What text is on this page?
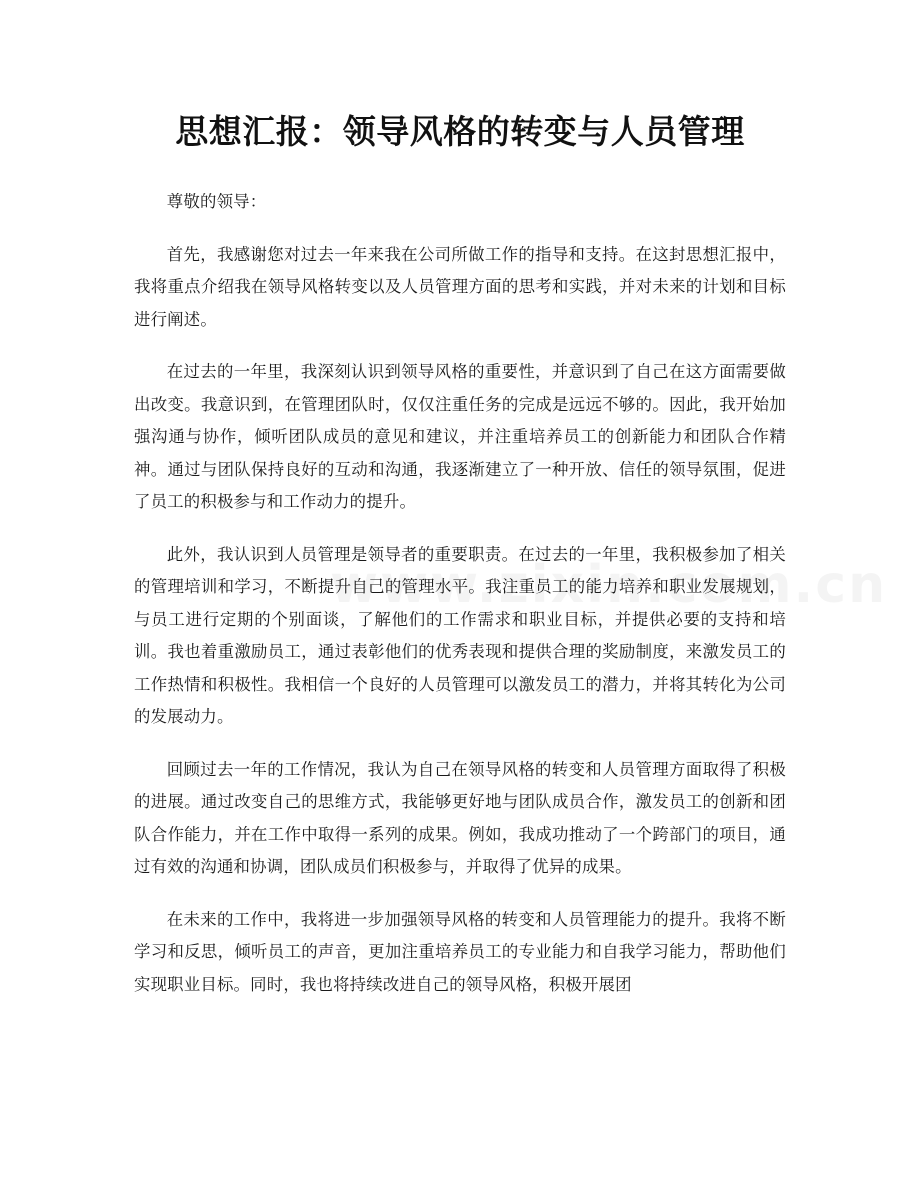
思想汇报：领导风格的转变与人员管理

尊敬的领导：

首先，我感谢您对过去一年来我在公司所做工作的指导和支持。在这封思想汇报中，我将重点介绍我在领导风格转变以及人员管理方面的思考和实践，并对未来的计划和目标进行阐述。

在过去的一年里，我深刻认识到领导风格的重要性，并意识到了自己在这方面需要做出改变。我意识到，在管理团队时，仅仅注重任务的完成是远远不够的。因此，我开始加强沟通与协作，倾听团队成员的意见和建议，并注重培养员工的创新能力和团队合作精神。通过与团队保持良好的互动和沟通，我逐渐建立了一种开放、信任的领导氛围，促进了员工的积极参与和工作动力的提升。

此外，我认识到人员管理是领导者的重要职责。在过去的一年里，我积极参加了相关的管理培训和学习，不断提升自己的管理水平。我注重员工的能力培养和职业发展规划，与员工进行定期的个别面谈，了解他们的工作需求和职业目标，并提供必要的支持和培训。我也着重激励员工，通过表彰他们的优秀表现和提供合理的奖励制度，来激发员工的工作热情和积极性。我相信一个良好的人员管理可以激发员工的潜力，并将其转化为公司的发展动力。

回顾过去一年的工作情况，我认为自己在领导风格的转变和人员管理方面取得了积极的进展。通过改变自己的思维方式，我能够更好地与团队成员合作，激发员工的创新和团队合作能力，并在工作中取得一系列的成果。例如，我成功推动了一个跨部门的项目，通过有效的沟通和协调，团队成员们积极参与，并取得了优异的成果。

在未来的工作中，我将进一步加强领导风格的转变和人员管理能力的提升。我将不断学习和反思，倾听员工的声音，更加注重培养员工的专业能力和自我学习能力，帮助他们实现职业目标。同时，我也将持续改进自己的领导风格，积极开展团
